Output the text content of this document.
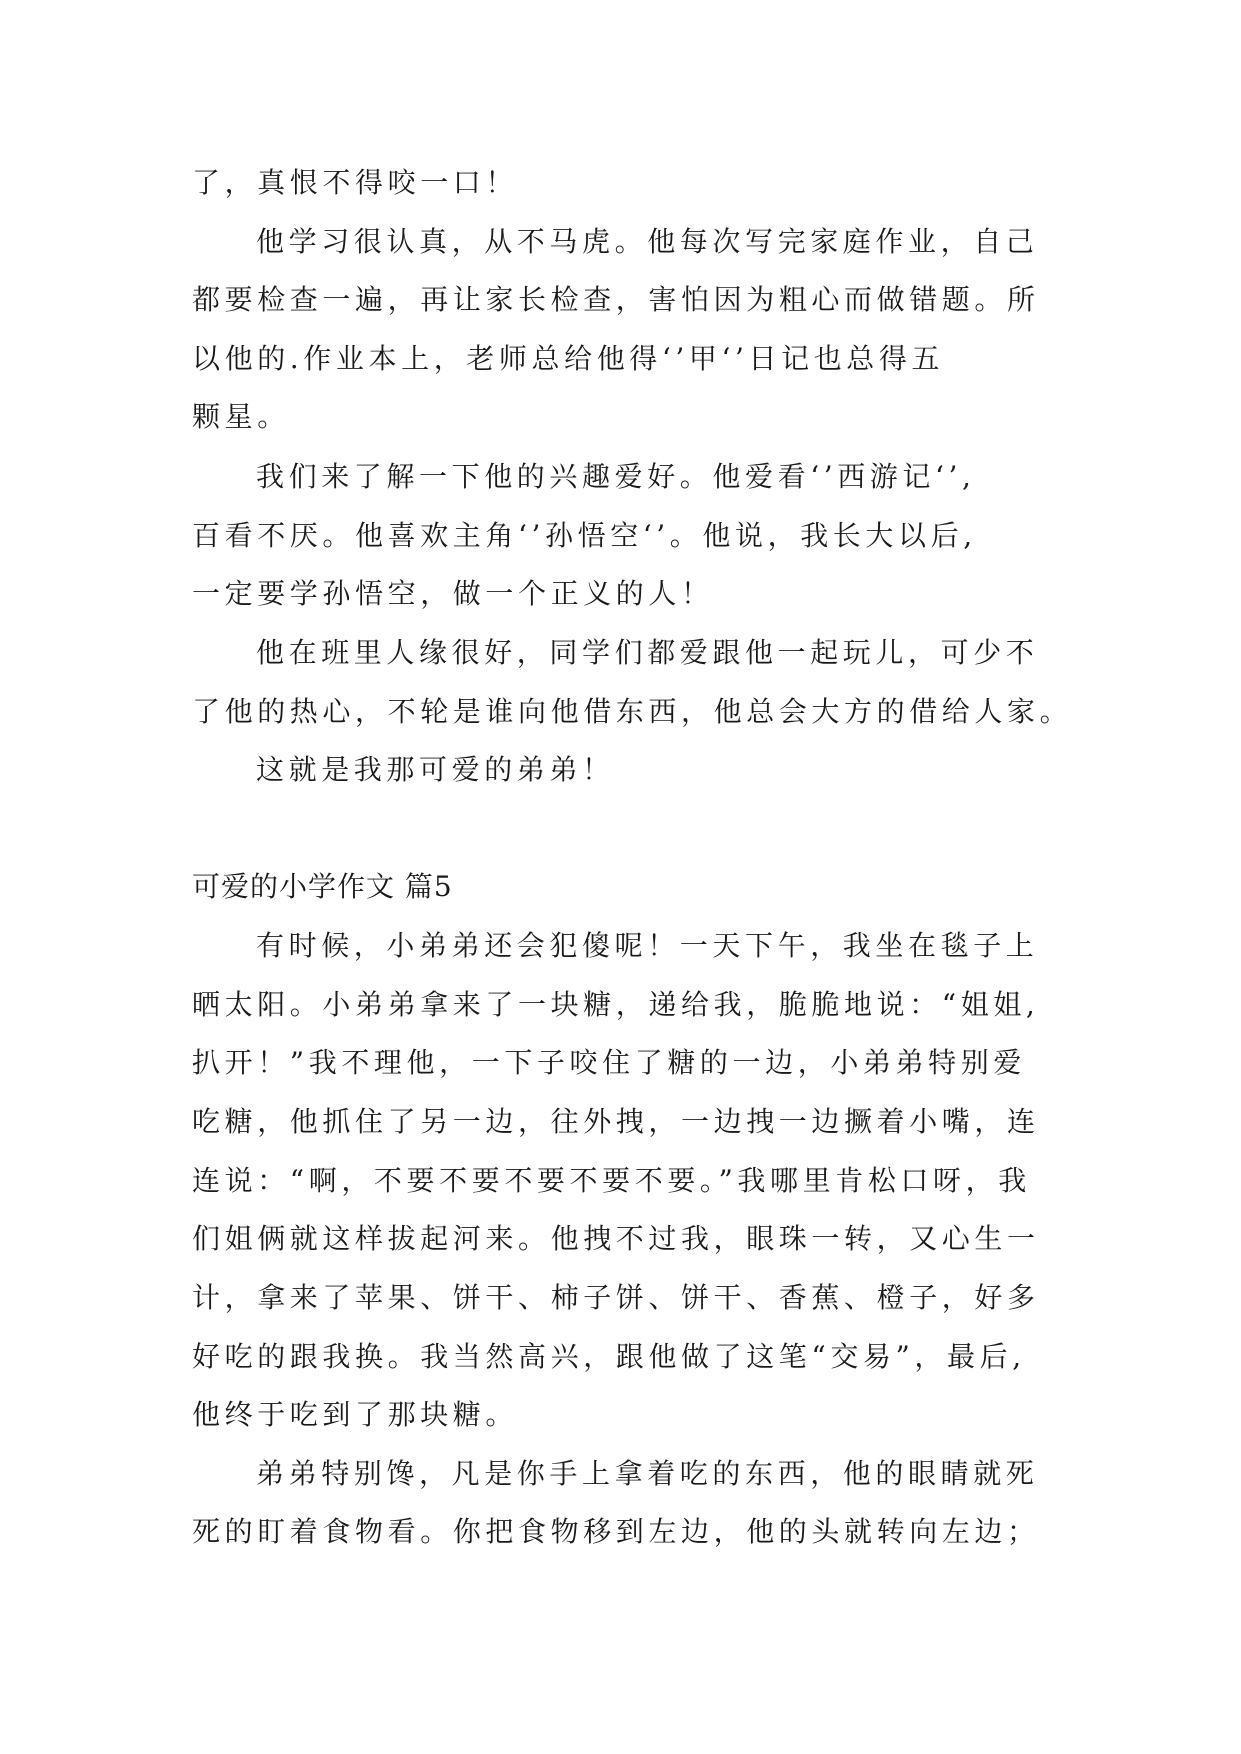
了，真恨不得咬一口！
他学习很认真，从不马虎。他每次写完家庭作业，自己
都要检查一遍，再让家长检查，害怕因为粗心而做错题。所
以他的.作业本上，老师总给他得‘’甲‘’日记也总得五
颗星。
我们来了解一下他的兴趣爱好。他爱看‘’西游记‘’,
百看不厌。他喜欢主角‘’孙悟空‘’。他说，我长大以后,
一定要学孙悟空，做一个正义的人！
他在班里人缘很好，同学们都爱跟他一起玩儿，可少不
了他的热心，不轮是谁向他借东西，他总会大方的借给人家。
这就是我那可爱的弟弟！
可爱的小学作文 篇5
有时候，小弟弟还会犯傻呢！一天下午，我坐在毯子上
晒太阳。小弟弟拿来了一块糖，递给我，脆脆地说：“姐姐,
扒开！”我不理他，一下子咬住了糖的一边，小弟弟特别爱
吃糖，他抓住了另一边，往外拽，一边拽一边撅着小嘴，连
连说：“啊，不要不要不要不要不要。”我哪里肯松口呀，我
们姐俩就这样拔起河来。他拽不过我，眼珠一转，又心生一
计，拿来了苹果、饼干、柿子饼、饼干、香蕉、橙子，好多
好吃的跟我换。我当然高兴，跟他做了这笔“交易”，最后,
他终于吃到了那块糖。
弟弟特别馋，凡是你手上拿着吃的东西，他的眼睛就死
死的盯着食物看。你把食物移到左边，他的头就转向左边；
